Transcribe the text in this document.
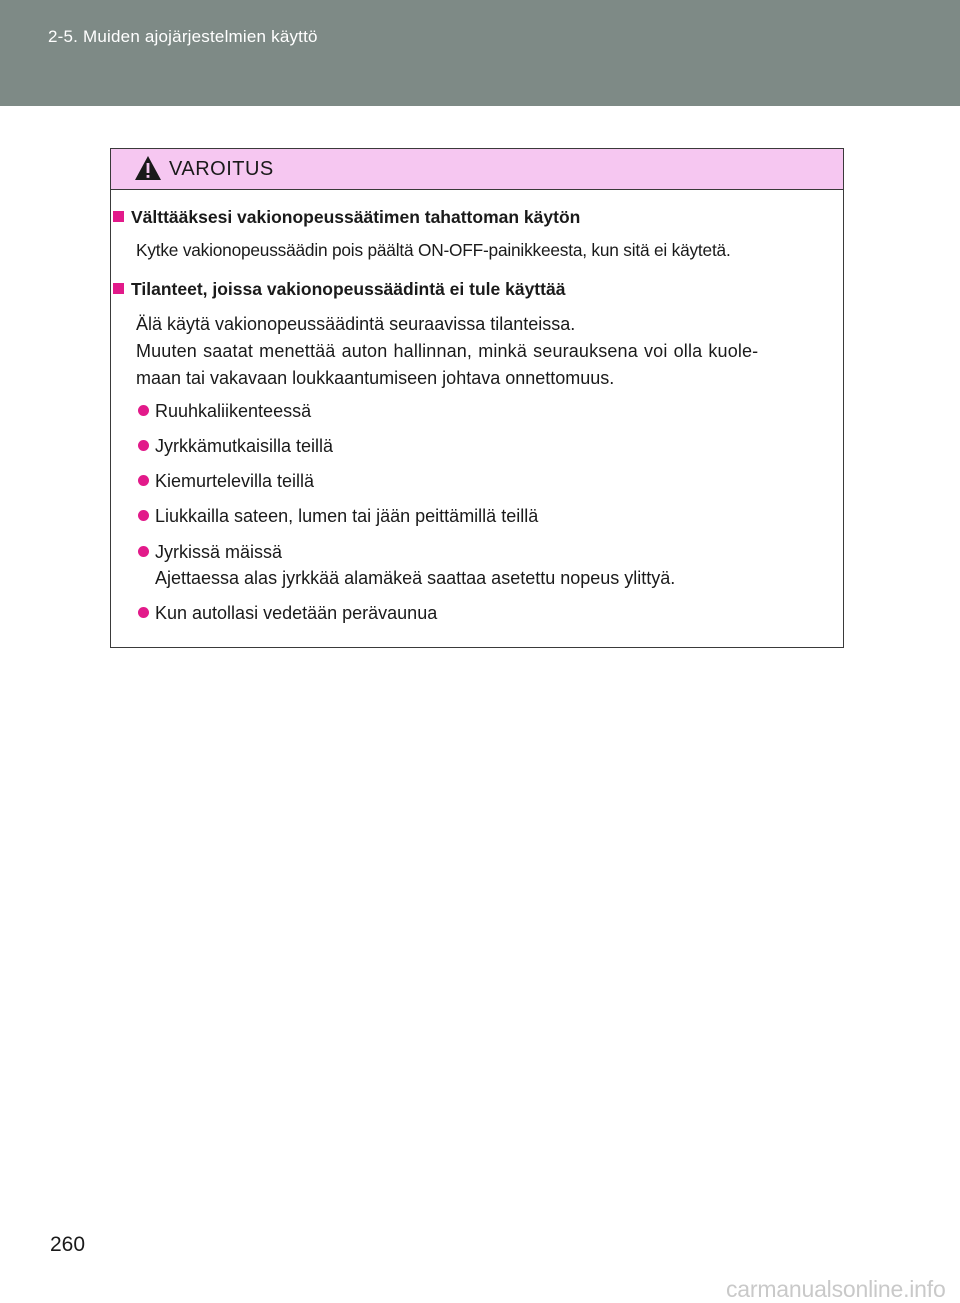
2-5. Muiden ajojärjestelmien käyttö
VAROITUS
Välttääksesi vakionopeussäätimen tahattoman käytön
Kytke vakionopeussäädin pois päältä ON-OFF-painikkeesta, kun sitä ei käytetä.
Tilanteet, joissa vakionopeussäädintä ei tule käyttää
Älä käytä vakionopeussäädintä seuraavissa tilanteissa.
Muuten saatat menettää auton hallinnan, minkä seurauksena voi olla kuole-
maan tai vakavaan loukkaantumiseen johtava onnettomuus.
Ruuhkaliikenteessä
Jyrkkämutkaisilla teillä
Kiemurtelevilla teillä
Liukkailla sateen, lumen tai jään peittämillä teillä
Jyrkissä mäissä
Ajettaessa alas jyrkkää alamäkeä saattaa asetettu nopeus ylittyä.
Kun autollasi vedetään perävaunua
260
carmanualsonline.info
